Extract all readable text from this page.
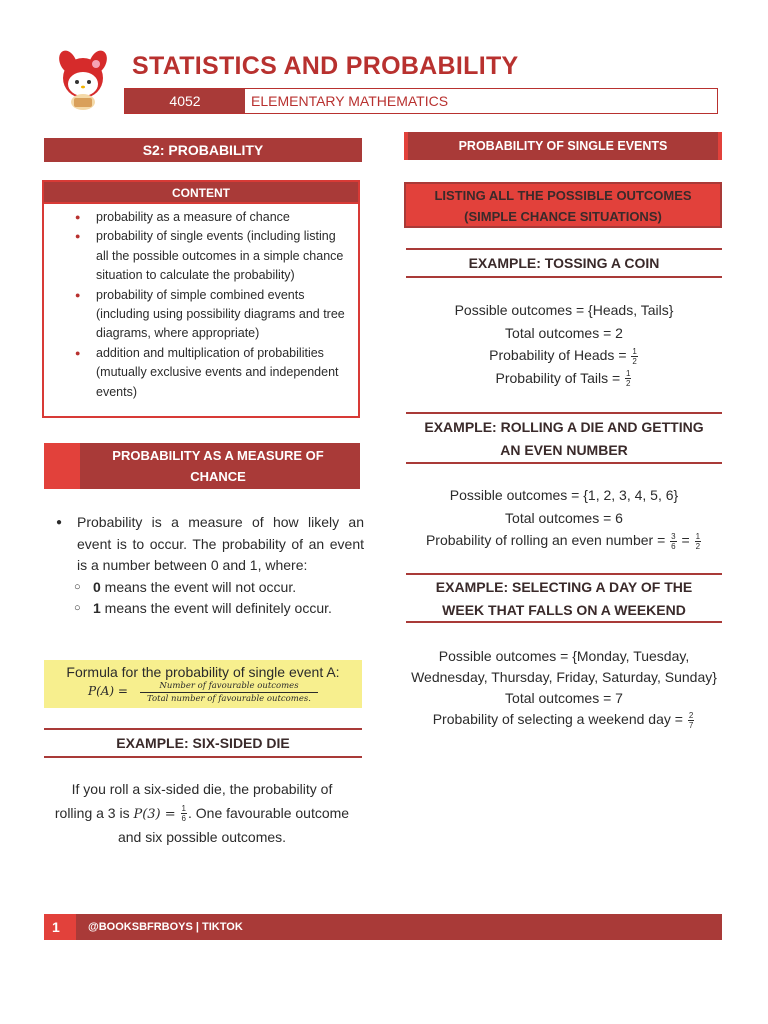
STATISTICS AND PROBABILITY
4052	ELEMENTARY MATHEMATICS
S2: PROBABILITY
CONTENT
● probability as a measure of chance
● probability of single events (including listing all the possible outcomes in a simple chance situation to calculate the probability)
● probability of simple combined events (including using possibility diagrams and tree diagrams, where appropriate)
● addition and multiplication of probabilities (mutually exclusive events and independent events)
PROBABILITY AS A MEASURE OF CHANCE
● Probability is a measure of how likely an event is to occur. The probability of an event is a number between 0 and 1, where:
○ 0 means the event will not occur.
○ 1 means the event will definitely occur.
Formula for the probability of single event A:
P(A) =	Number of favourable outcomes
Total number of favourable outcomes.
EXAMPLE: SIX-SIDED DIE
If you roll a six-sided die, the probability of rolling a 3 is $P(3) = \frac{1}{6}$ . One favourable outcome and six possible outcomes.
PROBABILITY OF SINGLE EVENTS
LISTING ALL THE POSSIBLE OUTCOMES
(SIMPLE CHANCE SITUATIONS)
EXAMPLE: TOSSING A COIN
Possible outcomes = {Heads, Tails}
Total outcomes = 2
Probability of Heads = $\frac{1}{2}$
Probability of Tails = $\frac{1}{2}$
EXAMPLE: ROLLING A DIE AND GETTING
AN EVEN NUMBER
Possible outcomes = {1, 2, 3, 4, 5, 6}
Total outcomes = 6
Probability of rolling an even number = $\frac{3}{6} = \frac{1}{2}$
EXAMPLE: SELECTING A DAY OF THE
WEEK THAT FALLS ON A WEEKEND
Possible outcomes = {Monday, Tuesday, Wednesday, Thursday, Friday, Saturday, Sunday}
Total outcomes = 7
Probability of selecting a weekend day = $\frac{2}{7}$
1	@BOOKSBFRBOYS | TIKTOK
